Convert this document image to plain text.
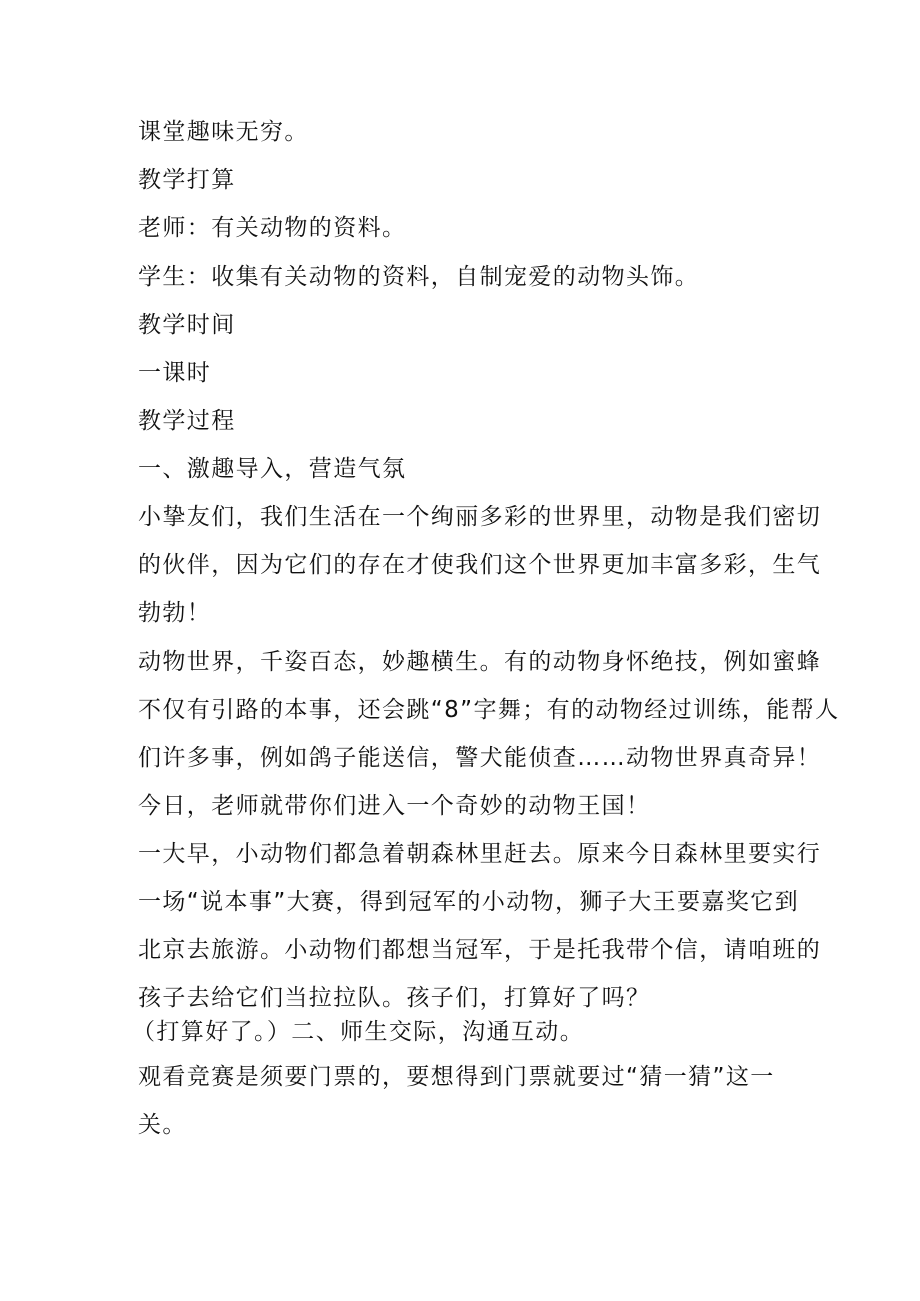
课堂趣味无穷。
教学打算
老师：有关动物的资料。
学生：收集有关动物的资料，自制宠爱的动物头饰。
教学时间
一课时
教学过程
一、激趣导入，营造气氛
小挚友们，我们生活在一个绚丽多彩的世界里，动物是我们密切
的伙伴，因为它们的存在才使我们这个世界更加丰富多彩，生气
勃勃！
动物世界，千姿百态，妙趣横生。有的动物身怀绝技，例如蜜蜂
不仅有引路的本事，还会跳“8”字舞；有的动物经过训练，能帮人
们许多事，例如鸽子能送信，警犬能侦查……动物世界真奇异！
今日，老师就带你们进入一个奇妙的动物王国！
一大早，小动物们都急着朝森林里赶去。原来今日森林里要实行
一场“说本事”大赛，得到冠军的小动物，狮子大王要嘉奖它到
北京去旅游。小动物们都想当冠军，于是托我带个信，请咱班的
孩子去给它们当拉拉队。孩子们，打算好了吗？
（打算好了。）二、师生交际，沟通互动。
观看竞赛是须要门票的，要想得到门票就要过“猜一猜”这一
关。
